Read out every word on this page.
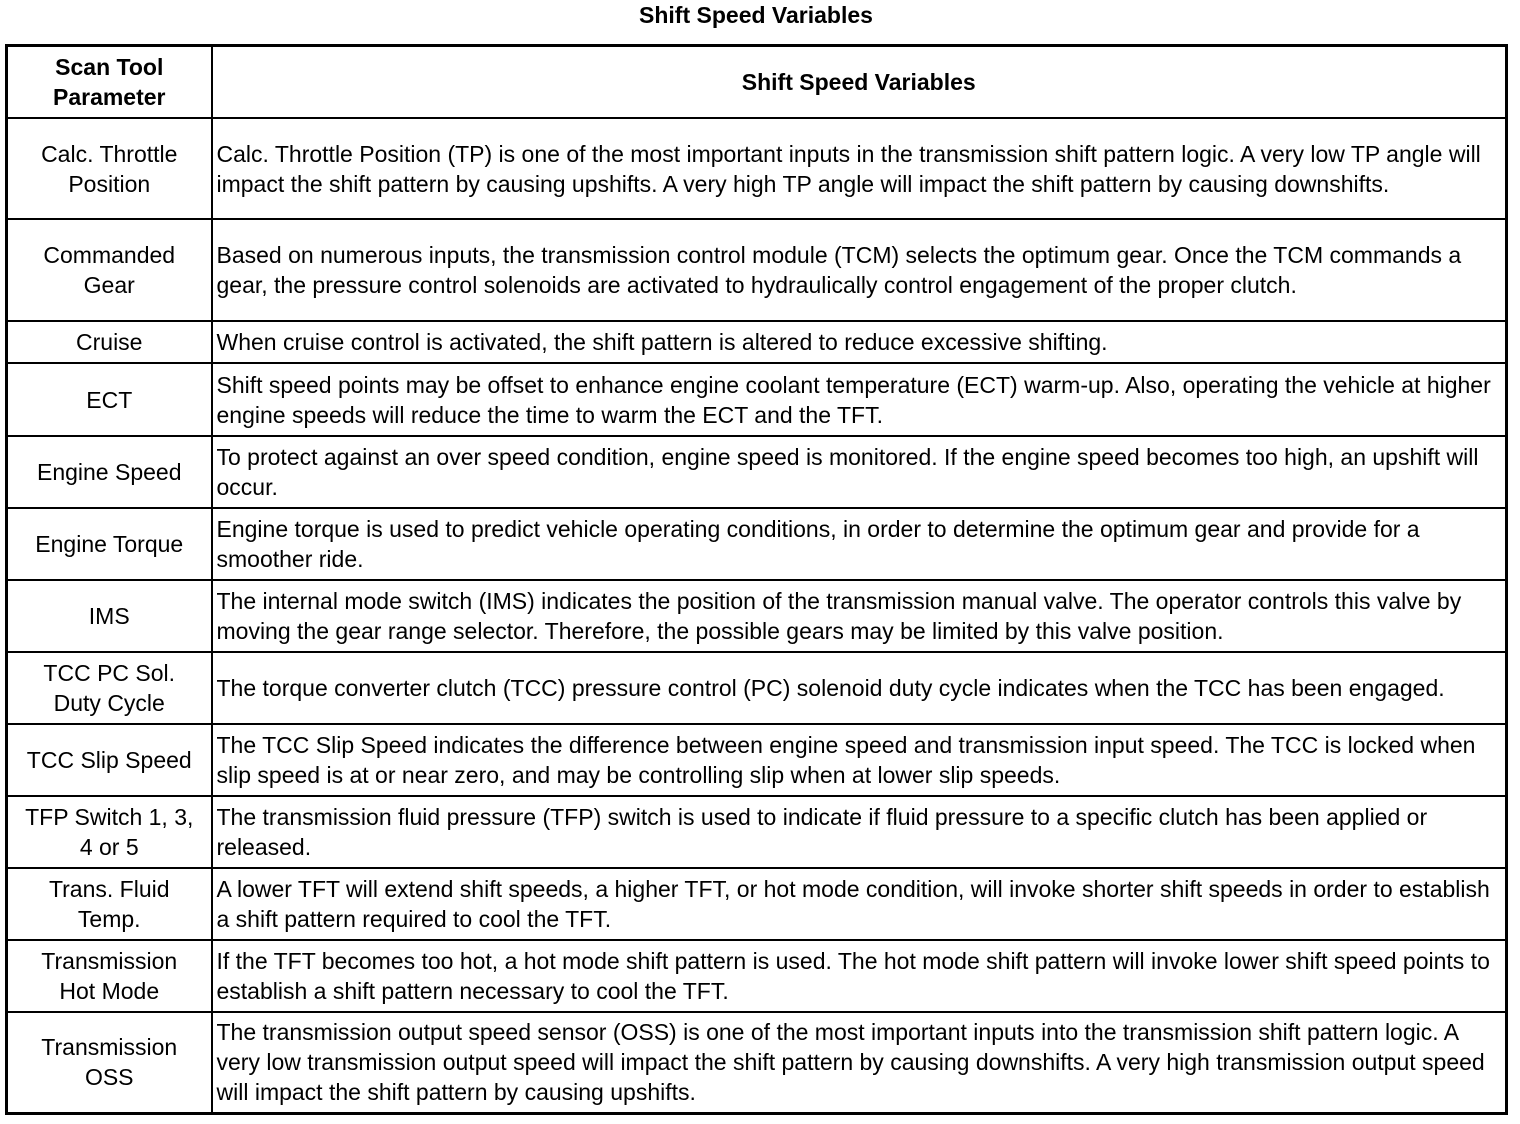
Shift Speed Variables
Scan Tool
Parameter	Shift Speed Variables
Calc. Throttle
Position	Calc. Throttle Position (TP) is one of the most important inputs in the transmission shift pattern logic. A very low TP angle will impact the shift pattern by causing upshifts. A very high TP angle will impact the shift pattern by causing downshifts.
Commanded
Gear	Based on numerous inputs, the transmission control module (TCM) selects the optimum gear. Once the TCM commands a gear, the pressure control solenoids are activated to hydraulically control engagement of the proper clutch.
Cruise	When cruise control is activated, the shift pattern is altered to reduce excessive shifting.
ECT	Shift speed points may be offset to enhance engine coolant temperature (ECT) warm-up. Also, operating the vehicle at higher engine speeds will reduce the time to warm the ECT and the TFT.
Engine Speed	To protect against an over speed condition, engine speed is monitored. If the engine speed becomes too high, an upshift will occur.
Engine Torque	Engine torque is used to predict vehicle operating conditions, in order to determine the optimum gear and provide for a smoother ride.
IMS	The internal mode switch (IMS) indicates the position of the transmission manual valve. The operator controls this valve by moving the gear range selector. Therefore, the possible gears may be limited by this valve position.
TCC PC Sol.
Duty Cycle	The torque converter clutch (TCC) pressure control (PC) solenoid duty cycle indicates when the TCC has been engaged.
TCC Slip Speed	The TCC Slip Speed indicates the difference between engine speed and transmission input speed. The TCC is locked when slip speed is at or near zero, and may be controlling slip when at lower slip speeds.
TFP Switch 1, 3,
4 or 5	The transmission fluid pressure (TFP) switch is used to indicate if fluid pressure to a specific clutch has been applied or released.
Trans. Fluid
Temp.	A lower TFT will extend shift speeds, a higher TFT, or hot mode condition, will invoke shorter shift speeds in order to establish a shift pattern required to cool the TFT.
Transmission
Hot Mode	If the TFT becomes too hot, a hot mode shift pattern is used. The hot mode shift pattern will invoke lower shift speed points to establish a shift pattern necessary to cool the TFT.
Transmission
OSS	The transmission output speed sensor (OSS) is one of the most important inputs into the transmission shift pattern logic. A very low transmission output speed will impact the shift pattern by causing downshifts. A very high transmission output speed will impact the shift pattern by causing upshifts.
